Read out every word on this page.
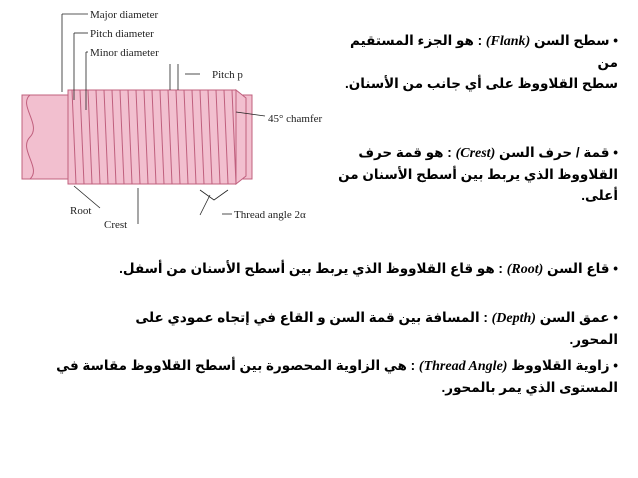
Major diameter
Pitch diameter
Minor diameter
Pitch p
45° chamfer
Root
Crest
Thread angle 2α
• سطح السن (Flank) : هو الجزء المستقيم من
سطح القلاووظ على أي جانب من الأسنان.
• قمة / حرف السن (Crest) : هو قمة حرف
القلاووظ الذي يربط بين أسطح الأسنان من أعلى.
• قاع السن (Root) : هو قاع القلاووظ الذي يربط بين أسطح الأسنان من أسفل.
• عمق السن (Depth) : المسافة بين قمة السن و القاع في إتجاه عمودي على المحور.
• زاوية القلاووظ (Thread Angle) : هي الزاوية المحصورة بين أسطح القلاووظ مقاسة في
المستوى الذي يمر بالمحور.
